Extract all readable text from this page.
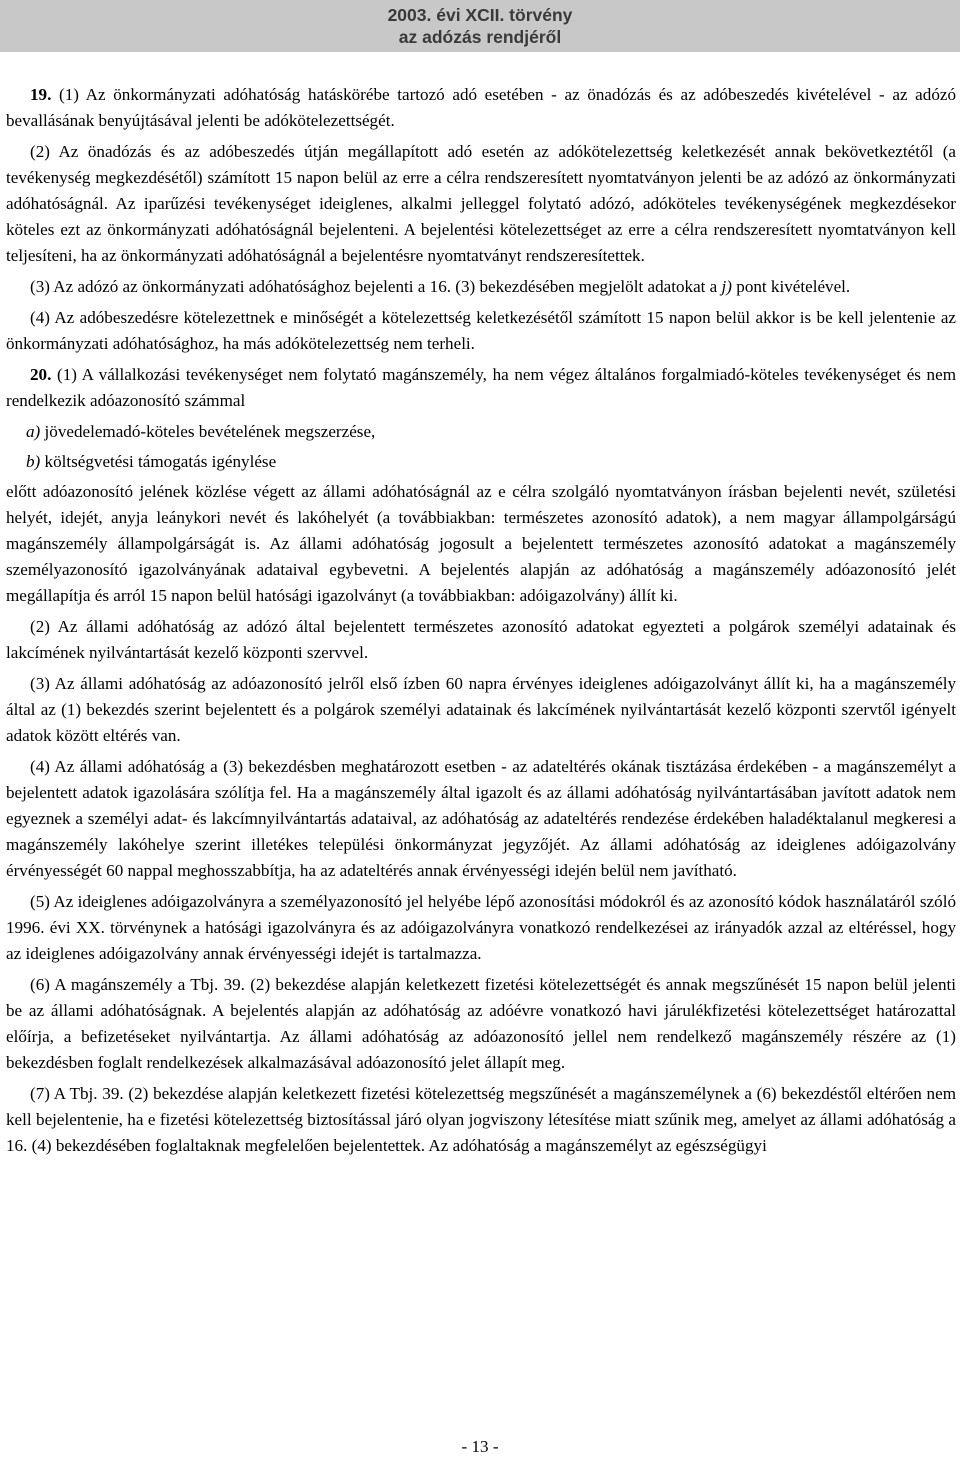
2003. évi XCII. törvény
az adózás rendjéről

19. (1) Az önkormányzati adóhatóság hatáskörébe tartozó adó esetében - az önadózás és az adóbeszedés kivételével - az adózó bevallásának benyújtásával jelenti be adókötelezettségét.

(2) Az önadózás és az adóbeszedés útján megállapított adó esetén az adókötelezettség keletkezését annak bekövetkeztétől (a tevékenység megkezdésétől) számított 15 napon belül az erre a célra rendszeresített nyomtatványon jelenti be az adózó az önkormányzati adóhatóságnál. Az iparűzési tevékenységet ideiglenes, alkalmi jelleggel folytató adózó, adóköteles tevékenységének megkezdésekor köteles ezt az önkormányzati adóhatóságnál bejelenteni. A bejelentési kötelezettséget az erre a célra rendszeresített nyomtatványon kell teljesíteni, ha az önkormányzati adóhatóságnál a bejelentésre nyomtatványt rendszeresítettek.

(3) Az adózó az önkormányzati adóhatósághoz bejelenti a 16. (3) bekezdésében megjelölt adatokat a j) pont kivételével.

(4) Az adóbeszedésre kötelezettnek e minőségét a kötelezettség keletkezésétől számított 15 napon belül akkor is be kell jelentenie az önkormányzati adóhatósághoz, ha más adókötelezettség nem terheli.

20. (1) A vállalkozási tevékenységet nem folytató magánszemély, ha nem végez általános forgalmiadó-köteles tevékenységet és nem rendelkezik adóazonosító számmal

a) jövedelemadó-köteles bevételének megszerzése,

b) költségvetési támogatás igénylése

előtt adóazonosító jelének közlése végett az állami adóhatóságnál az e célra szolgáló nyomtatványon írásban bejelenti nevét, születési helyét, idejét, anyja leánykori nevét és lakóhelyét (a továbbiakban: természetes azonosító adatok), a nem magyar állampolgárságú magánszemély állampolgárságát is. Az állami adóhatóság jogosult a bejelentett természetes azonosító adatokat a magánszemély személyazonosító igazolványának adataival egybevetni. A bejelentés alapján az adóhatóság a magánszemély adóazonosító jelét megállapítja és arról 15 napon belül hatósági igazolványt (a továbbiakban: adóigazolvány) állít ki.

(2) Az állami adóhatóság az adózó által bejelentett természetes azonosító adatokat egyezteti a polgárok személyi adatainak és lakcímének nyilvántartását kezelő központi szervvel.

(3) Az állami adóhatóság az adóazonosító jelről első ízben 60 napra érvényes ideiglenes adóigazolványt állít ki, ha a magánszemély által az (1) bekezdés szerint bejelentett és a polgárok személyi adatainak és lakcímének nyilvántartását kezelő központi szervtől igényelt adatok között eltérés van.

(4) Az állami adóhatóság a (3) bekezdésben meghatározott esetben - az adateltérés okának tisztázása érdekében - a magánszemélyt a bejelentett adatok igazolására szólítja fel. Ha a magánszemély által igazolt és az állami adóhatóság nyilvántartásában javított adatok nem egyeznek a személyi adat- és lakcímnyilvántartás adataival, az adóhatóság az adateltérés rendezése érdekében haladéktalanul megkeresi a magánszemély lakóhelye szerint illetékes települési önkormányzat jegyzőjét. Az állami adóhatóság az ideiglenes adóigazolvány érvényességét 60 nappal meghosszabbítja, ha az adateltérés annak érvényességi idején belül nem javítható.

(5) Az ideiglenes adóigazolványra a személyazonosító jel helyébe lépő azonosítási módokról és az azonosító kódok használatáról szóló 1996. évi XX. törvénynek a hatósági igazolványra és az adóigazolványra vonatkozó rendelkezései az irányadók azzal az eltéréssel, hogy az ideiglenes adóigazolvány annak érvényességi idejét is tartalmazza.

(6) A magánszemély a Tbj. 39. (2) bekezdése alapján keletkezett fizetési kötelezettségét és annak megszűnését 15 napon belül jelenti be az állami adóhatóságnak. A bejelentés alapján az adóhatóság az adóévre vonatkozó havi járulékfizetési kötelezettséget határozattal előírja, a befizetéseket nyilvántartja. Az állami adóhatóság az adóazonosító jellel nem rendelkező magánszemély részére az (1) bekezdésben foglalt rendelkezések alkalmazásával adóazonosító jelet állapít meg.

(7) A Tbj. 39. (2) bekezdése alapján keletkezett fizetési kötelezettség megszűnését a magánszemélynek a (6) bekezdéstől eltérően nem kell bejelentenie, ha e fizetési kötelezettség biztosítással járó olyan jogviszony létesítése miatt szűnik meg, amelyet az állami adóhatóság a 16. (4) bekezdésében foglaltaknak megfelelően bejelentettek. Az adóhatóság a magánszemélyt az egészségügyi

- 13 -
